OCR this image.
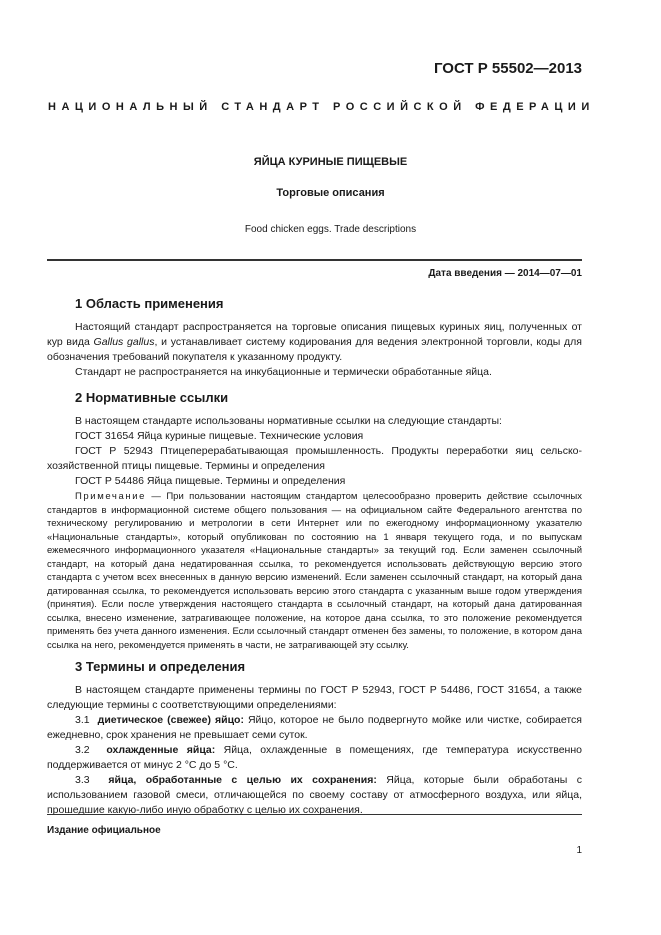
ГОСТ Р 55502—2013
НАЦИОНАЛЬНЫЙ СТАНДАРТ РОССИЙСКОЙ ФЕДЕРАЦИИ
ЯЙЦА КУРИНЫЕ ПИЩЕВЫЕ
Торговые описания
Food chicken eggs. Trade descriptions
Дата введения — 2014—07—01
1 Область применения

Настоящий стандарт распространяется на торговые описания пищевых куриных яиц, полученных от кур вида Gallus gallus, и устанавливает систему кодирования для ведения электронной торговли, коды для обозначения требований покупателя к указанному продукту.

Стандарт не распространяется на инкубационные и термически обработанные яйца.

2 Нормативные ссылки

В настоящем стандарте использованы нормативные ссылки на следующие стандарты:

ГОСТ 31654 Яйца куриные пищевые. Технические условия

ГОСТ Р 52943 Птицеперерабатывающая промышленность. Продукты переработки яиц сельско-хозяйственной птицы пищевые. Термины и определения

ГОСТ Р 54486 Яйца пищевые. Термины и определения

Примечание — При пользовании настоящим стандартом целесообразно проверить действие ссылочных стандартов в информационной системе общего пользования — на официальном сайте Федерального агентства по техническому регулированию и метрологии в сети Интернет или по ежегодному информационному указателю «Национальные стандарты», который опубликован по состоянию на 1 января текущего года, и по выпускам ежемесячного информационного указателя «Национальные стандарты» за текущий год. Если заменен ссылочный стандарт, на который дана недатированная ссылка, то рекомендуется использовать действующую версию этого стандарта с учетом всех внесенных в данную версию изменений. Если заменен ссылочный стандарт, на который дана датированная ссылка, то рекомендуется использовать версию этого стандарта с указанным выше годом утверждения (принятия). Если после утверждения настоящего стандарта в ссылочный стандарт, на который дана датированная ссылка, внесено изменение, затрагивающее положение, на которое дана ссылка, то это положение рекомендуется применять без учета данного изменения. Если ссылочный стандарт отменен без замены, то положение, в котором дана ссылка на него, рекомендуется применять в части, не затрагивающей эту ссылку.

3 Термины и определения

В настоящем стандарте применены термины по ГОСТ Р 52943, ГОСТ Р 54486, ГОСТ 31654, а также следующие термины с соответствующими определениями:

3.1 диетическое (свежее) яйцо: Яйцо, которое не было подвергнуто мойке или чистке, собирается ежедневно, срок хранения не превышает семи суток.

3.2 охлажденные яйца: Яйца, охлажденные в помещениях, где температура искусственно поддерживается от минус 2 °С до 5 °С.

3.3 яйца, обработанные с целью их сохранения: Яйца, которые были обработаны с использованием газовой смеси, отличающейся по своему составу от атмосферного воздуха, или яйца, прошедшие какую-либо иную обработку с целью их сохранения.

Издание официальное
1
